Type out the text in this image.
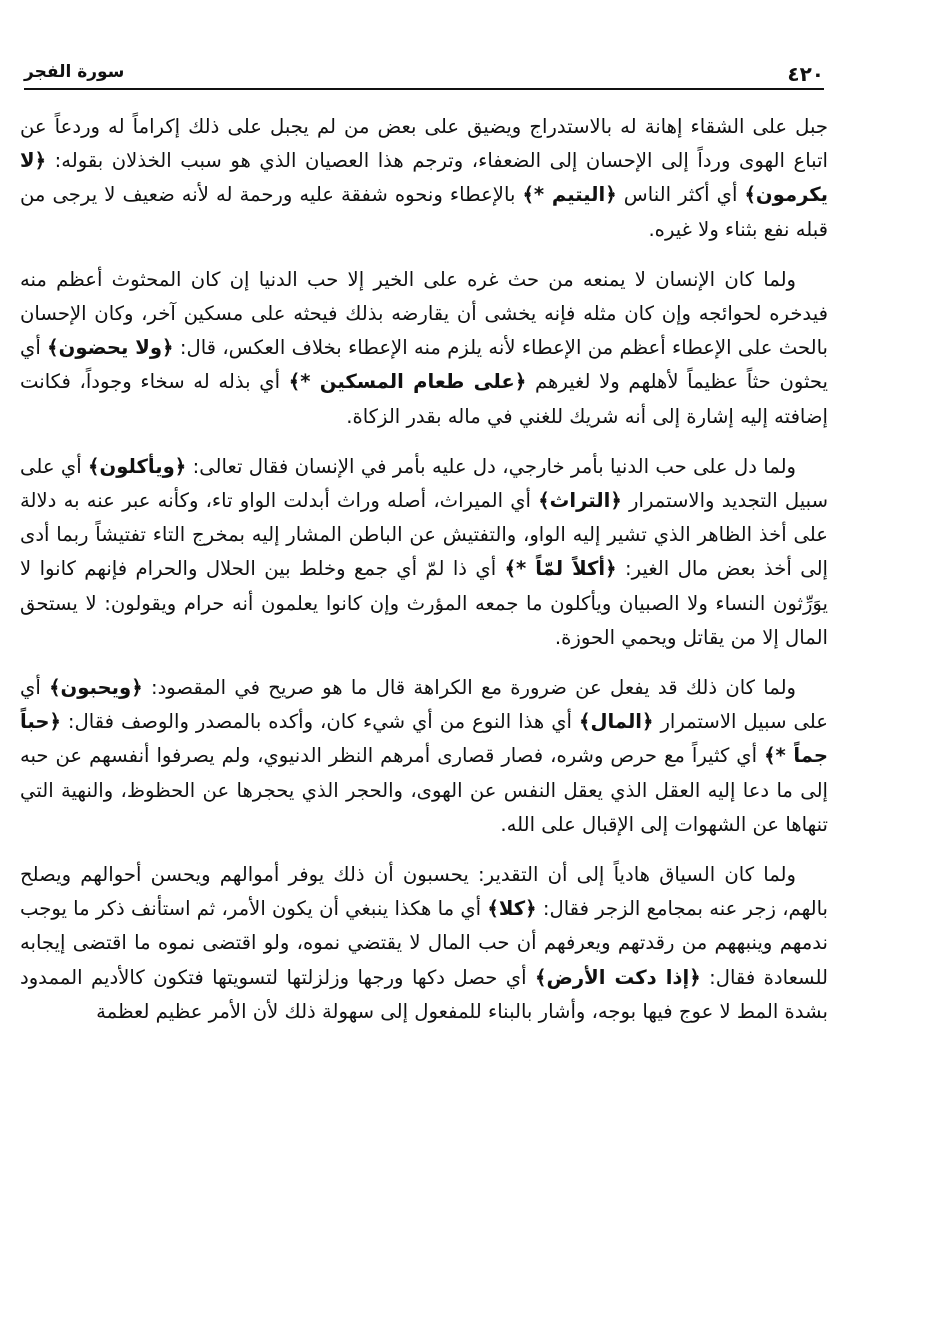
٤٢٠
سورة الفجر

جبل على الشقاء إهانة له بالاستدراج ويضيق على بعض من لم يجبل على ذلك إكراماً له وردعاً عن اتباع الهوى ورداً إلى الإحسان إلى الضعفاء، وترجم هذا العصيان الذي هو سبب الخذلان بقوله: ﴿لا يكرمون﴾ أي أكثر الناس ﴿اليتيم *﴾ بالإعطاء ونحوه شفقة عليه ورحمة له لأنه ضعيف لا يرجى من قبله نفع بثناء ولا غيره.

ولما كان الإنسان لا يمنعه من حث غره على الخير إلا حب الدنيا إن كان المحثوث أعظم منه فيدخره لحوائجه وإن كان مثله فإنه يخشى أن يقارضه بذلك فيحثه على مسكين آخر، وكان الإحسان بالحث على الإعطاء أعظم من الإعطاء لأنه يلزم منه الإعطاء بخلاف العكس، قال: ﴿ولا يحضون﴾ أي يحثون حثاً عظيماً لأهلهم ولا لغيرهم ﴿على طعام المسكين *﴾ أي بذله له سخاء وجوداً، فكانت إضافته إليه إشارة إلى أنه شريك للغني في ماله بقدر الزكاة.

ولما دل على حب الدنيا بأمر خارجي، دل عليه بأمر في الإنسان فقال تعالى: ﴿ويأكلون﴾ أي على سبيل التجديد والاستمرار ﴿التراث﴾ أي الميراث، أصله وراث أبدلت الواو تاء، وكأنه عبر عنه به دلالة على أخذ الظاهر الذي تشير إليه الواو، والتفتيش عن الباطن المشار إليه بمخرج التاء تفتيشاً ربما أدى إلى أخذ بعض مال الغير: ﴿أكلاً لمّاً *﴾ أي ذا لمّ أي جمع وخلط بين الحلال والحرام فإنهم كانوا لا يوَرِّثون النساء ولا الصبيان ويأكلون ما جمعه المؤرث وإن كانوا يعلمون أنه حرام ويقولون: لا يستحق المال إلا من يقاتل ويحمي الحوزة.

ولما كان ذلك قد يفعل عن ضرورة مع الكراهة قال ما هو صريح في المقصود: ﴿ويحبون﴾ أي على سبيل الاستمرار ﴿المال﴾ أي هذا النوع من أي شيء كان، وأكده بالمصدر والوصف فقال: ﴿حباً جماً *﴾ أي كثيراً مع حرص وشره، فصار قصارى أمرهم النظر الدنيوي، ولم يصرفوا أنفسهم عن حبه إلى ما دعا إليه العقل الذي يعقل النفس عن الهوى، والحجر الذي يحجرها عن الحظوظ، والنهية التي تنهاها عن الشهوات إلى الإقبال على الله.

ولما كان السياق هادياً إلى أن التقدير: يحسبون أن ذلك يوفر أموالهم ويحسن أحوالهم ويصلح بالهم، زجر عنه بمجامع الزجر فقال: ﴿كلا﴾ أي ما هكذا ينبغي أن يكون الأمر، ثم استأنف ذكر ما يوجب ندمهم وينبههم من رقدتهم ويعرفهم أن حب المال لا يقتضي نموه، ولو اقتضى نموه ما اقتضى إيجابه للسعادة فقال: ﴿إذا دكت الأرض﴾ أي حصل دكها ورجها وزلزلتها لتسويتها فتكون كالأديم الممدود بشدة المط لا عوج فيها بوجه، وأشار بالبناء للمفعول إلى سهولة ذلك لأن الأمر عظيم لعظمة
